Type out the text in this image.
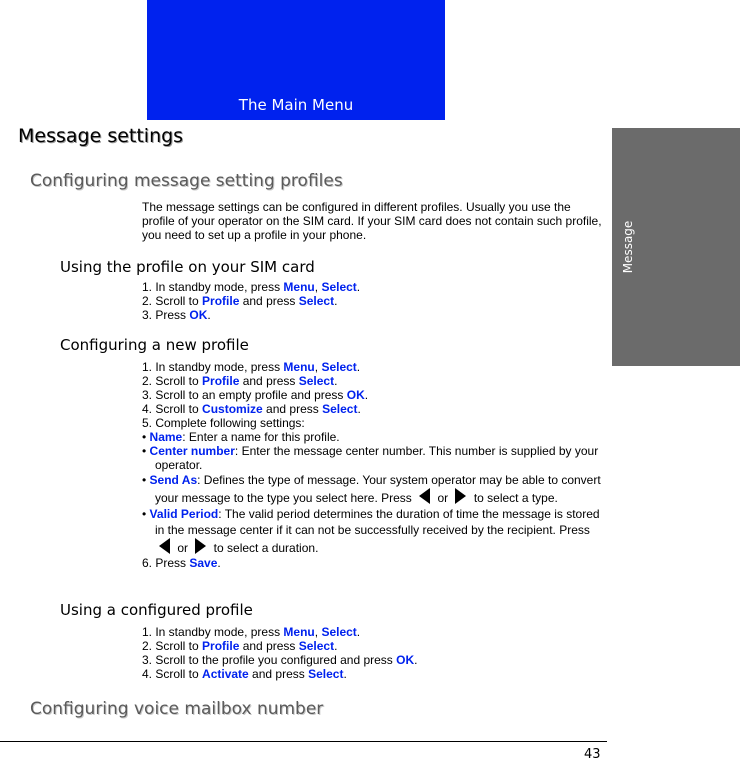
The Main Menu
Message
Message settings
Configuring message setting profiles
The message settings can be configured in different profiles. Usually you use the profile of your operator on the SIM card. If your SIM card does not contain such profile, you need to set up a profile in your phone.
Using the profile on your SIM card
1. In standby mode, press Menu, Select.
2. Scroll to Profile and press Select.
3. Press OK.
Configuring a new profile
1. In standby mode, press Menu, Select.
2. Scroll to Profile and press Select.
3. Scroll to an empty profile and press OK.
4. Scroll to Customize and press Select.
5. Complete following settings:
• Name: Enter a name for this profile.
• Center number: Enter the message center number. This number is supplied by your operator.
• Send As: Defines the type of message. Your system operator may be able to convert your message to the type you select here. Press  or  to select a type.
• Valid Period: The valid period determines the duration of time the message is stored in the message center if it can not be successfully received by the recipient. Press  or  to select a duration.
6. Press Save.
Using a configured profile
1. In standby mode, press Menu, Select.
2. Scroll to Profile and press Select.
3. Scroll to the profile you configured and press OK.
4. Scroll to Activate and press Select.
Configuring voice mailbox number
43
